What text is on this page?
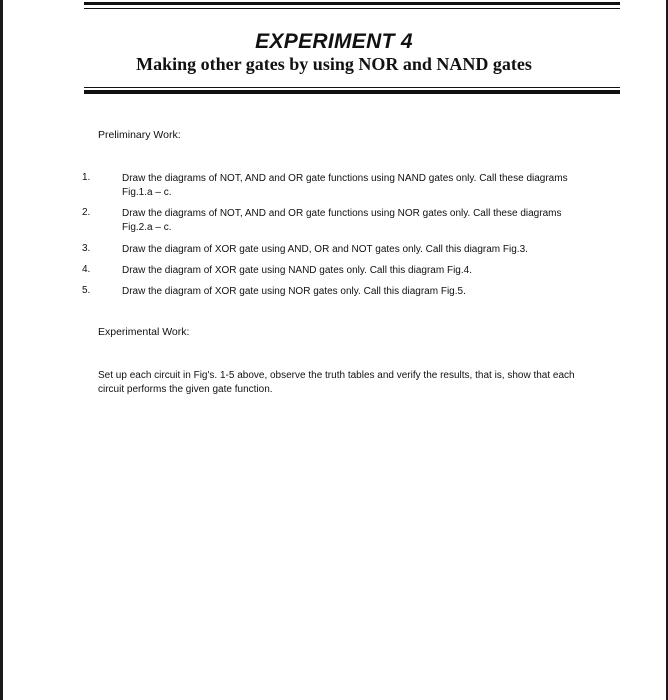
EXPERIMENT 4
Making other gates by using NOR and NAND gates
Preliminary Work:
1.	Draw the diagrams of NOT, AND and OR gate functions using NAND gates only. Call these diagrams Fig.1.a – c.
2.	Draw the diagrams of NOT, AND and OR gate functions using NOR gates only. Call these diagrams Fig.2.a – c.
3.	Draw the diagram of XOR gate using AND, OR and NOT gates only. Call this diagram Fig.3.
4.	Draw the diagram of XOR gate using NAND gates only. Call this diagram Fig.4.
5.	Draw the diagram of XOR gate using NOR gates only. Call this diagram Fig.5.
Experimental Work:
Set up each circuit in Fig's. 1-5 above, observe the truth tables and verify the results, that is, show that each circuit performs the given gate function.
